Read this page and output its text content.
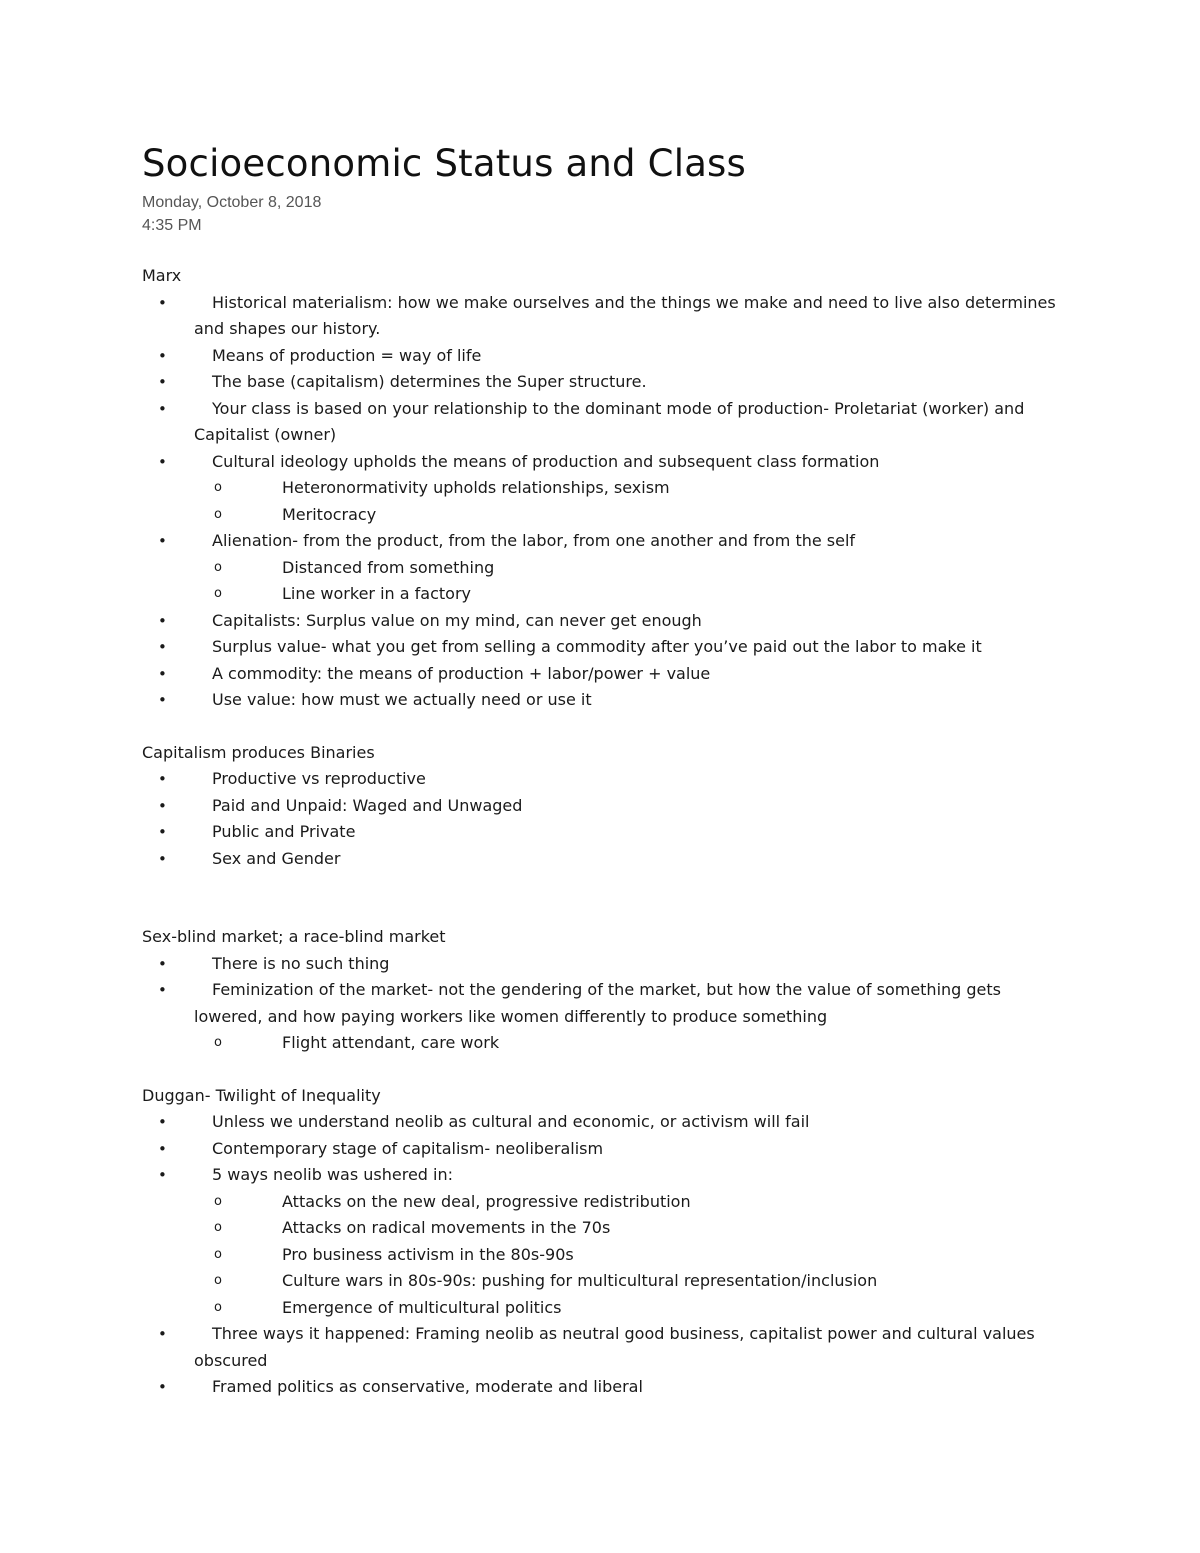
Socioeconomic Status and Class
Monday, October 8, 2018
4:35 PM
Marx
•	Historical materialism: how we make ourselves and the things we make and need to live also determines and shapes our history.
•	Means of production = way of life
•	The base (capitalism) determines the Super structure.
•	Your class is based on your relationship to the dominant mode of production- Proletariat (worker) and Capitalist (owner)
•	Cultural ideology upholds the means of production and subsequent class formation
o	Heteronormativity upholds relationships, sexism
o	Meritocracy
•	Alienation- from the product, from the labor, from one another and from the self
o	Distanced from something
o	Line worker in a factory
•	Capitalists: Surplus value on my mind, can never get enough
•	Surplus value- what you get from selling a commodity after you’ve paid out the labor to make it
•	A commodity: the means of production + labor/power + value
•	Use value: how must we actually need or use it
Capitalism produces Binaries
•	Productive vs reproductive
•	Paid and Unpaid: Waged and Unwaged
•	Public and Private
•	Sex and Gender
Sex-blind market; a race-blind market
•	There is no such thing
•	Feminization of the market- not the gendering of the market, but how the value of something gets lowered, and how paying workers like women differently to produce something
o	Flight attendant, care work
Duggan- Twilight of Inequality
•	Unless we understand neolib as cultural and economic, or activism will fail
•	Contemporary stage of capitalism- neoliberalism
•	5 ways neolib was ushered in:
o	Attacks on the new deal, progressive redistribution
o	Attacks on radical movements in the 70s
o	Pro business activism in the 80s-90s
o	Culture wars in 80s-90s: pushing for multicultural representation/inclusion
o	Emergence of multicultural politics
•	Three ways it happened: Framing neolib as neutral good business, capitalist power and cultural values obscured
•	Framed politics as conservative, moderate and liberal
